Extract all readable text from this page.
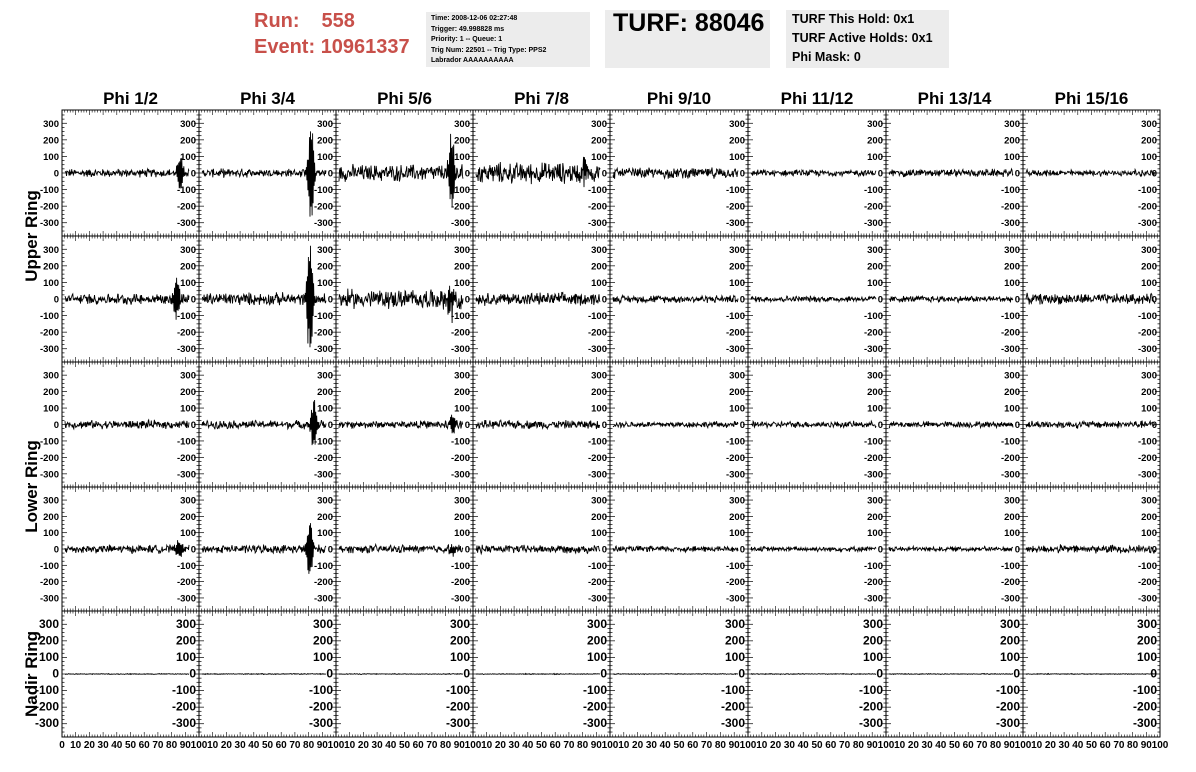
Run: 558
Event: 10961337
Time: 2008-12-06 02:27:48
Trigger: 49.998828 ms
Priority: 1 -- Queue: 1
Trig Num: 22501 -- Trig Type: PPS2
Labrador AAAAAAAAAA
TURF: 88046	TURF This Hold: 0x1
TURF Active Holds: 0x1
Phi Mask: 0
Phi 1/2	Phi 3/4	Phi 5/6	Phi 7/8	Phi 9/10	Phi 11/12	Phi 13/14	Phi 15/16
Upper Ring
Lower Ring
Nadir Ring
300
200
100
0
-100
-200
-300
300
200
100
0
-100
-200
-300
300
200
100
0
-100
-200
-300
300
200
100
0
-100
-200
-300
300
200
100
0
-100
-200
-300
300
200
100
0
-100
-200
-300
300
200
100
0
-100
-200
-300
300
200
100
0
-100
-200
-300
300
200
100
0
-100
-200
-300
300
200
100
0
-100
-200
-300
300
200
100
0
-100
-200
-300
300
200
100
0
-100
-200
-300
300
200
100
0
-100
-200
-300
300
200
100
0
-100
-200
-300
300
200
100
0
-100
-200
-300
300
200
100
0
-100
-200
-300
300
200
100
0
-100
-200
-300
300
200
100
0
-100
-200
-300
300
200
100
0
-100
-200
-300
300
200
100
0
-100
-200
-300
300
200
100
0
-100
-200
-300
300
200
100
0
-100
-200
-300
300
200
100
0
-100
-200
-300
300
200
100
0
-100
-200
-300
300
200
100
0
-100
-200
-300
300
200
100
0
-100
-200
-300
300
200
100
0
-100
-200
-300
300
200
100
0
-100
-200
-300
300
200
100
0
-100
-200
-300
300
200
100
0
-100
-200
-300
300
200
100
0
-100
-200
-300
300
200
100
0
-100
-200
-300
300
200
100
0
-100
-200
-300
300
200
100
0
-100
-200
-300
300
200
100
0
-100
-200
-300
300
200
100
0
-100
-200
-300
300
200
100
0
-100
-200
-300
300
200
100
0
-100
-200
-300
300
200
100
0
-100
-200
-300
300
200
100
0
-100
-200
-300
300
200
100
0
-100
-200
-300
300
200
100
0
-100
-200
-300
300
200
100
0
-100
-200
-300
300
200
100
0
-100
-200
-300
300
200
100
0
-100
-200
-300
0 10 20 30 40 50 60 70 80 90 100 10 20 30 40 50 60 70 80 90 100 10 20 30 40 50 60 70 80 90 100 10 20 30 40 50 60 70 80 90 100 10 20 30 40 50 60 70 80 90 100 10 20 30 40 50 60 70 80 90 100 10 20 30 40 50 60 70 80 90 100 10 20 30 40 50 60 70 80 90 100
